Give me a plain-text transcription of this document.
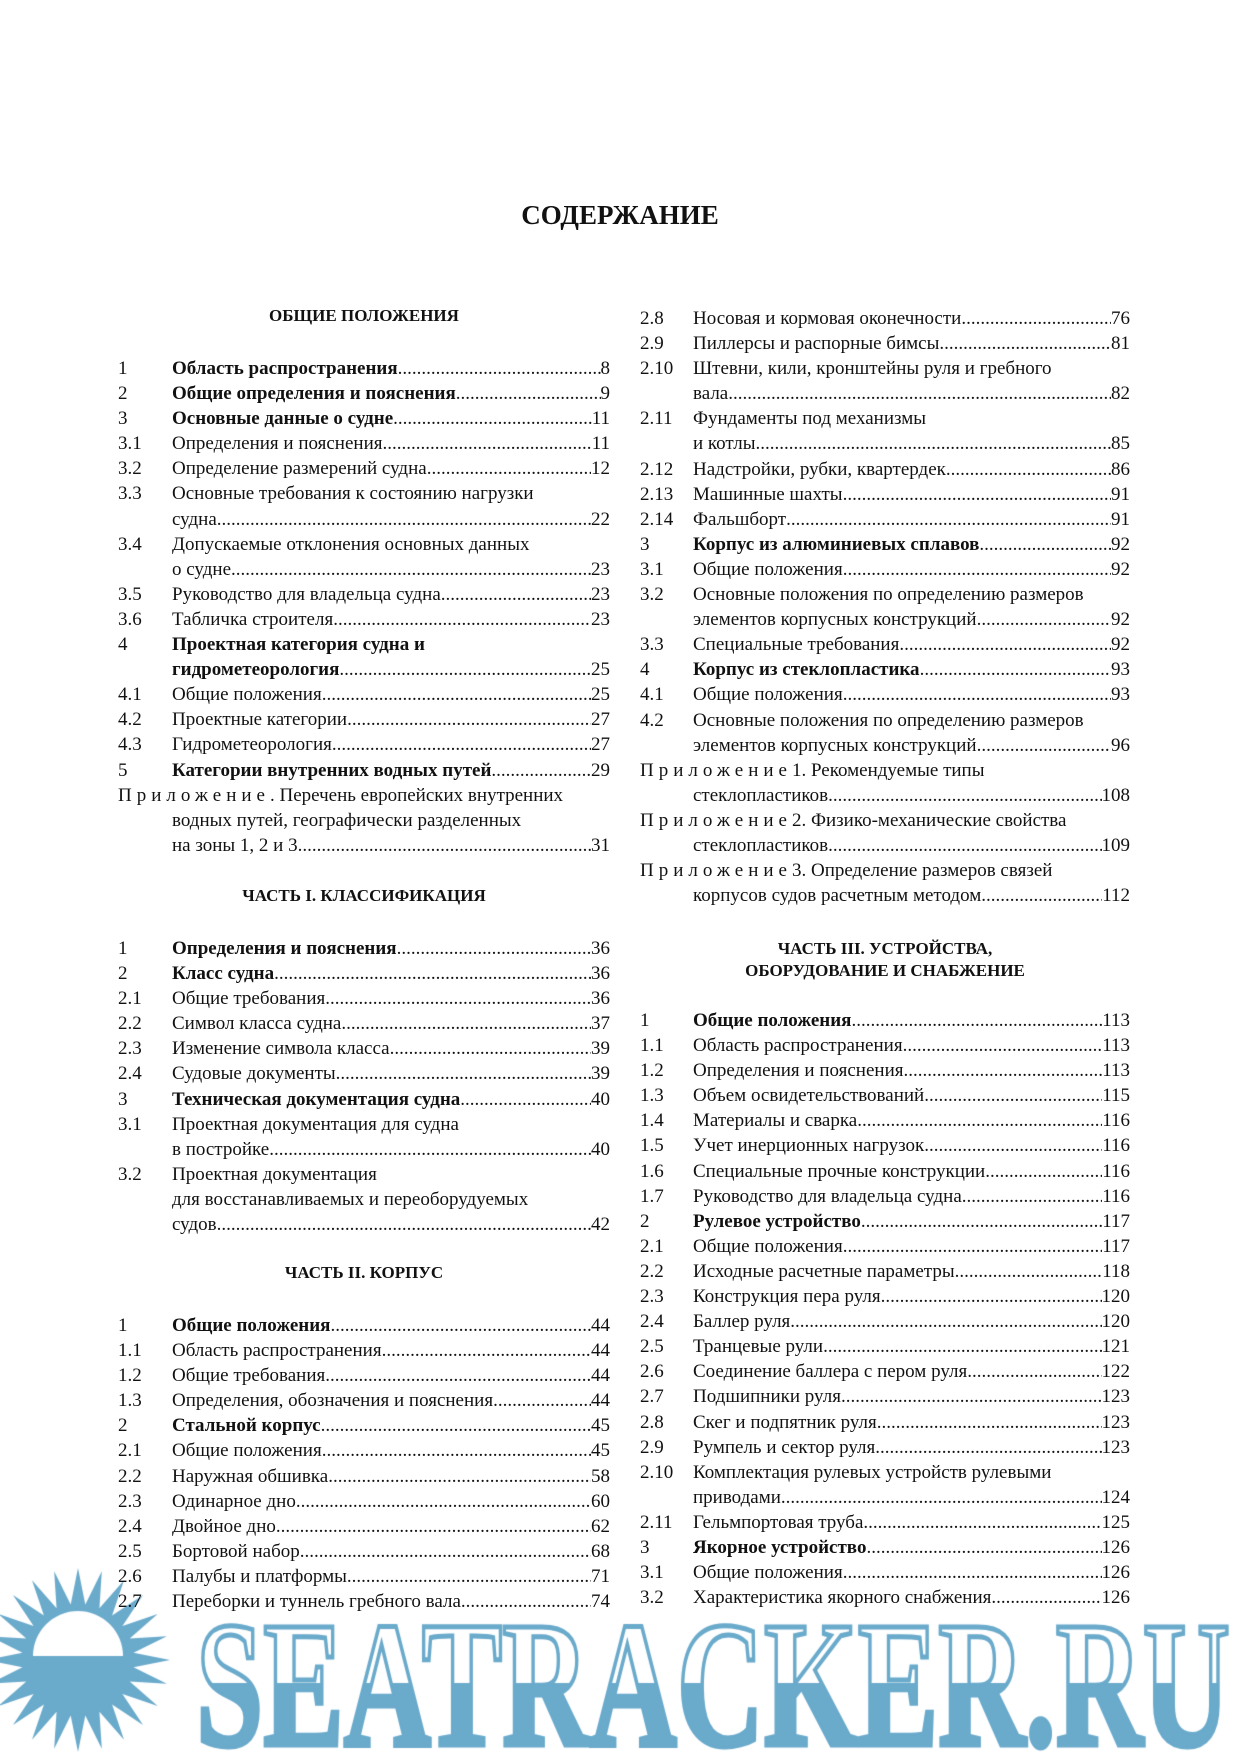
СОДЕРЖАНИЕ
ОБЩИЕ ПОЛОЖЕНИЯ
1	Область распространения .....	8
2	Общие определения и пояснения .....	9
3	Основные данные о судне .....	11
3.1	Определения и пояснения .....	11
3.2	Определение размерений судна .....	12
3.3	Основные требования к состоянию нагрузки
судна .....	22
3.4	Допускаемые отклонения основных данных
о судне .....	23
3.5	Руководство для владельца судна .....	23
3.6	Табличка строителя .....	23
4	Проектная категория судна и
гидрометеорология .....	25
4.1	Общие положения .....	25
4.2	Проектные категории .....	27
4.3	Гидрометеорология .....	27
5	Категории внутренних водных путей .....	29
Приложение . Перечень европейских внутренних
водных путей, географически разделенных
на зоны 1, 2 и 3 .....	31
ЧАСТЬ I. КЛАССИФИКАЦИЯ
1	Определения и пояснения .....	36
2	Класс судна .....	36
2.1	Общие требования .....	36
2.2	Символ класса судна .....	37
2.3	Изменение символа класса .....	39
2.4	Судовые документы .....	39
3	Техническая документация судна .....	40
3.1	Проектная документация для судна
в постройке .....	40
3.2	Проектная документация
для восстанавливаемых и переоборудуемых
судов .....	42
ЧАСТЬ II. КОРПУС
1	Общие положения .....	44
1.1	Область распространения .....	44
1.2	Общие требования .....	44
1.3	Определения, обозначения и пояснения .....	44
2	Стальной корпус .....	45
2.1	Общие положения .....	45
2.2	Наружная обшивка .....	58
2.3	Одинарное дно .....	60
2.4	Двойное дно .....	62
2.5	Бортовой набор .....	68
2.6	Палубы и платформы .....	71
2.7	Переборки и туннель гребного вала .....	74
2.8	Носовая и кормовая оконечности .....	76
2.9	Пиллерсы и распорные бимсы .....	81
2.10	Штевни, кили, кронштейны руля и гребного
вала .....	82
2.11	Фундаменты под механизмы
и котлы .....	85
2.12	Надстройки, рубки, квартердек .....	86
2.13	Машинные шахты .....	91
2.14	Фальшборт .....	91
3	Корпус из алюминиевых сплавов .....	92
3.1	Общие положения .....	92
3.2	Основные положения по определению размеров
элементов корпусных конструкций .....	92
3.3	Специальные требования .....	92
4	Корпус из стеклопластика .....	93
4.1	Общие положения .....	93
4.2	Основные положения по определению размеров
элементов корпусных конструкций .....	96
Приложение 1. Рекомендуемые типы
стеклопластиков .....	108
Приложение 2. Физико-механические свойства
стеклопластиков .....	109
Приложение 3. Определение размеров связей
корпусов судов расчетным методом .....	112
ЧАСТЬ III. УСТРОЙСТВА,
ОБОРУДОВАНИЕ И СНАБЖЕНИЕ
1	Общие положения .....	113
1.1	Область распространения .....	113
1.2	Определения и пояснения .....	113
1.3	Объем освидетельствований .....	115
1.4	Материалы и сварка .....	116
1.5	Учет инерционных нагрузок .....	116
1.6	Специальные прочные конструкции .....	116
1.7	Руководство для владельца судна .....	116
2	Рулевое устройство .....	117
2.1	Общие положения .....	117
2.2	Исходные расчетные параметры .....	118
2.3	Конструкция пера руля .....	120
2.4	Баллер руля .....	120
2.5	Транцевые рули .....	121
2.6	Соединение баллера с пером руля .....	122
2.7	Подшипники руля .....	123
2.8	Скег и подпятник руля .....	123
2.9	Румпель и сектор руля .....	123
2.10	Комплектация рулевых устройств рулевыми
приводами .....	124
2.11	Гельмпортовая труба .....	125
3	Якорное устройство .....	126
3.1	Общие положения .....	126
3.2	Характеристика якорного снабжения .....	126
